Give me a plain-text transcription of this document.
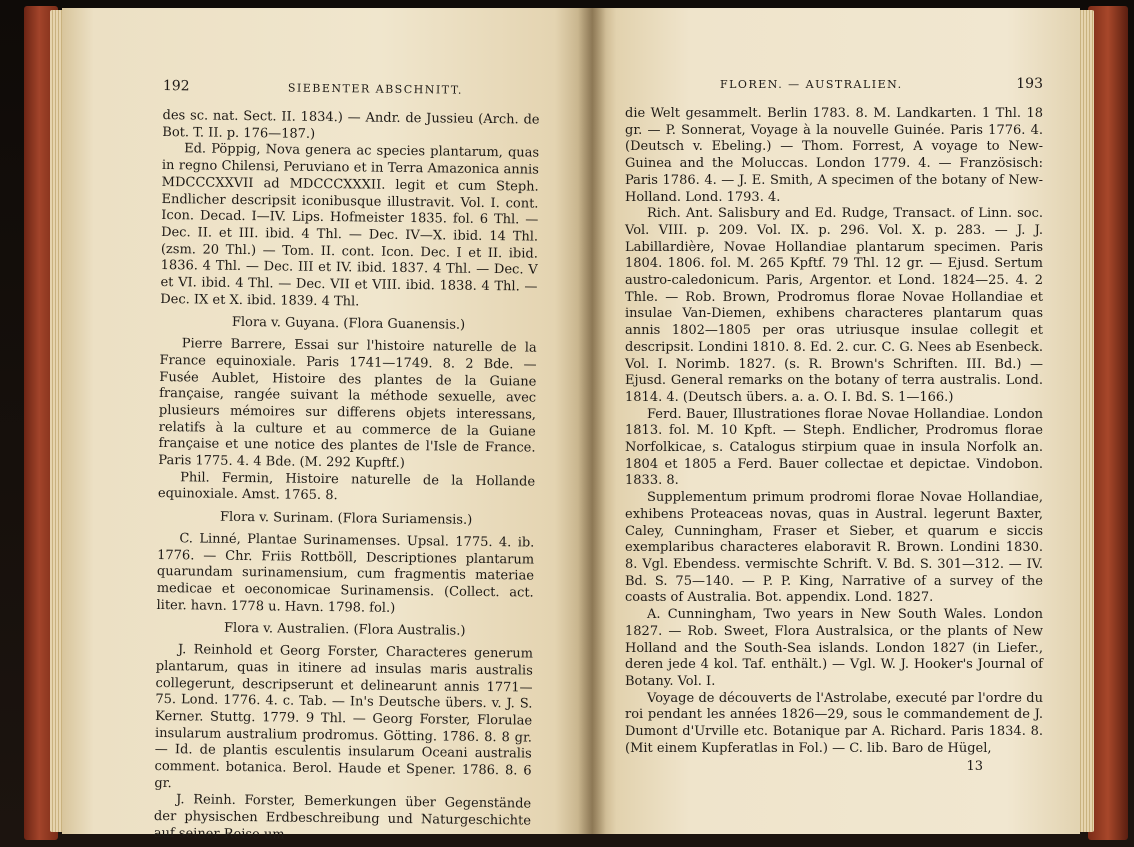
192	SIEBENTER ABSCHNITT.

des sc. nat. Sect. II. 1834.) — Andr. de Jussieu (Arch. de Bot. T. II. p. 176—187.)

Ed. Pöppig, Nova genera ac species plantarum, quas in regno Chilensi, Peruviano et in Terra Amazonica annis MDCCCXXVII ad MDCCCXXXII. legit et cum Steph. Endlicher descripsit iconibusque illustravit. Vol. I. cont. Icon. Decad. I—IV. Lips. Hofmeister 1835. fol. 6 Thl. — Dec. II. et III. ibid. 4 Thl. — Dec. IV—X. ibid. 14 Thl. (zsm. 20 Thl.) — Tom. II. cont. Icon. Dec. I et II. ibid. 1836. 4 Thl. — Dec. III et IV. ibid. 1837. 4 Thl. — Dec. V et VI. ibid. 4 Thl. — Dec. VII et VIII. ibid. 1838. 4 Thl. — Dec. IX et X. ibid. 1839. 4 Thl.

Flora v. Guyana. (Flora Guanensis.)

Pierre Barrere, Essai sur l'histoire naturelle de la France equinoxiale. Paris 1741—1749. 8. 2 Bde. — Fusée Aublet, Histoire des plantes de la Guiane française, rangée suivant la méthode sexuelle, avec plusieurs mémoires sur differens objets interessans, relatifs à la culture et au commerce de la Guiane française et une notice des plantes de l'Isle de France. Paris 1775. 4. 4 Bde. (M. 292 Kupftf.)

Phil. Fermin, Histoire naturelle de la Hollande equinoxiale. Amst. 1765. 8.

Flora v. Surinam. (Flora Suriamensis.)

C. Linné, Plantae Surinamenses. Upsal. 1775. 4. ib. 1776. — Chr. Friis Rottböll, Descriptiones plantarum quarundam surinamensium, cum fragmentis materiae medicae et oeconomicae Surinamensis. (Collect. act. liter. havn. 1778 u. Havn. 1798. fol.)

Flora v. Australien. (Flora Australis.)

J. Reinhold et Georg Forster, Characteres generum plantarum, quas in itinere ad insulas maris australis collegerunt, descripserunt et delinearunt annis 1771—75. Lond. 1776. 4. c. Tab. — In's Deutsche übers. v. J. S. Kerner. Stuttg. 1779. 9 Thl. — Georg Forster, Florulae insularum australium prodromus. Götting. 1786. 8. 8 gr. — Id. de plantis esculentis insularum Oceani australis comment. botanica. Berol. Haude et Spener. 1786. 8. 6 gr.

J. Reinh. Forster, Bemerkungen über Gegenstände der physischen Erdbeschreibung und Naturgeschichte auf seiner Reise um

FLOREN. — AUSTRALIEN.	193

die Welt gesammelt. Berlin 1783. 8. M. Landkarten. 1 Thl. 18 gr. — P. Sonnerat, Voyage à la nouvelle Guinée. Paris 1776. 4. (Deutsch v. Ebeling.) — Thom. Forrest, A voyage to New-Guinea and the Moluccas. London 1779. 4. — Französisch: Paris 1786. 4. — J. E. Smith, A specimen of the botany of New-Holland. Lond. 1793. 4.

Rich. Ant. Salisbury and Ed. Rudge, Transact. of Linn. soc. Vol. VIII. p. 209. Vol. IX. p. 296. Vol. X. p. 283. — J. J. Labillardière, Novae Hollandiae plantarum specimen. Paris 1804. 1806. fol. M. 265 Kpftf. 79 Thl. 12 gr. — Ejusd. Sertum austro-caledonicum. Paris, Argentor. et Lond. 1824—25. 4. 2 Thle. — Rob. Brown, Prodromus florae Novae Hollandiae et insulae Van-Diemen, exhibens characteres plantarum quas annis 1802—1805 per oras utriusque insulae collegit et descripsit. Londini 1810. 8. Ed. 2. cur. C. G. Nees ab Esenbeck. Vol. I. Norimb. 1827. (s. R. Brown's Schriften. III. Bd.) — Ejusd. General remarks on the botany of terra australis. Lond. 1814. 4. (Deutsch übers. a. a. O. I. Bd. S. 1—166.)

Ferd. Bauer, Illustrationes florae Novae Hollandiae. London 1813. fol. M. 10 Kpft. — Steph. Endlicher, Prodromus florae Norfolkicae, s. Catalogus stirpium quae in insula Norfolk an. 1804 et 1805 a Ferd. Bauer collectae et depictae. Vindobon. 1833. 8.

Supplementum primum prodromi florae Novae Hollandiae, exhibens Proteaceas novas, quas in Austral. legerunt Baxter, Caley, Cunningham, Fraser et Sieber, et quarum e siccis exemplaribus characteres elaboravit R. Brown. Londini 1830. 8. Vgl. Ebendess. vermischte Schrift. V. Bd. S. 301—312. — IV. Bd. S. 75—140. — P. P. King, Narrative of a survey of the coasts of Australia. Bot. appendix. Lond. 1827.

A. Cunningham, Two years in New South Wales. London 1827. — Rob. Sweet, Flora Australsica, or the plants of New Holland and the South-Sea islands. London 1827 (in Liefer., deren jede 4 kol. Taf. enthält.) — Vgl. W. J. Hooker's Journal of Botany. Vol. I.

Voyage de découverts de l'Astrolabe, executé par l'ordre du roi pendant les années 1826—29, sous le commandement de J. Dumont d'Urville etc. Botanique par A. Richard. Paris 1834. 8. (Mit einem Kupferatlas in Fol.) — C. lib. Baro de Hügel,

13
